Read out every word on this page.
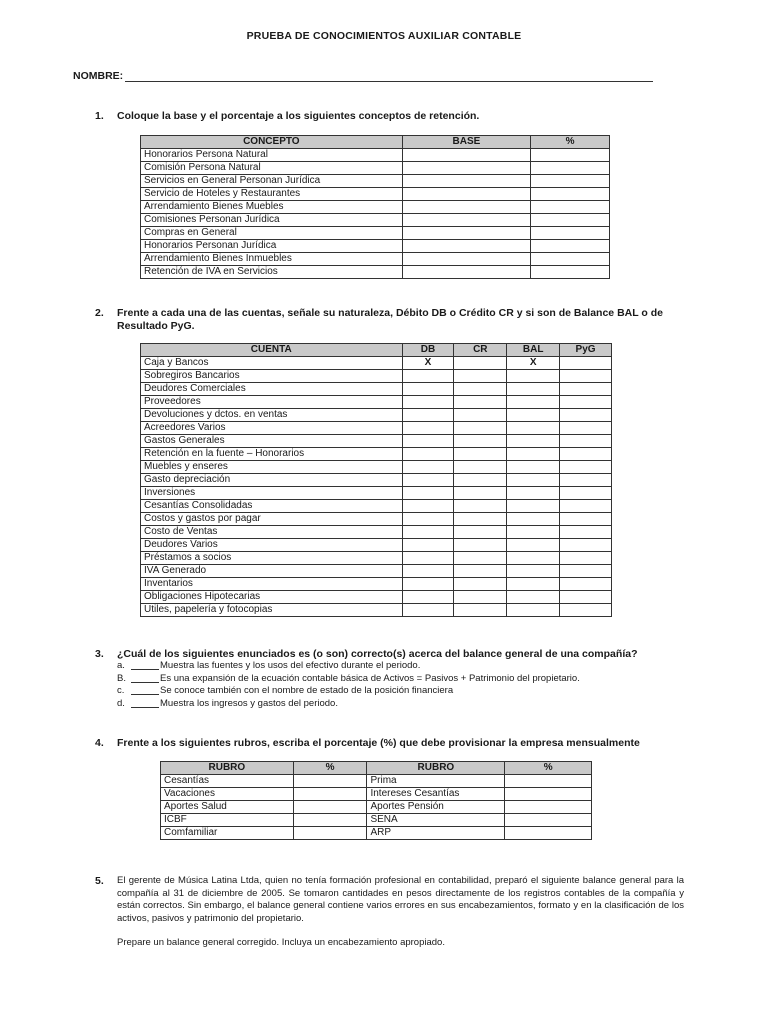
PRUEBA DE CONOCIMIENTOS AUXILIAR CONTABLE
NOMBRE:
1. Coloque la base y el porcentaje a los siguientes conceptos de retención.
CONCEPTO	BASE	%
Honorarios Persona Natural		
Comisión Persona Natural		
Servicios en General Personan Jurídica		
Servicio de Hoteles y Restaurantes		
Arrendamiento Bienes Muebles		
Comisiones Personan Jurídica		
Compras en General		
Honorarios Personan Jurídica		
Arrendamiento Bienes Inmuebles		
Retención de IVA en Servicios		
2. Frente a cada una de las cuentas, señale su naturaleza, Débito DB o Crédito CR y si son de Balance BAL o de
Resultado PyG.
CUENTA	DB	CR	BAL	PyG
Caja y Bancos	X		X	
Sobregiros Bancarios				
Deudores Comerciales				
Proveedores				
Devoluciones y dctos. en ventas				
Acreedores Varios				
Gastos Generales				
Retención en la fuente – Honorarios				
Muebles y enseres				
Gasto depreciación				
Inversiones				
Cesantías Consolidadas				
Costos y gastos por pagar				
Costo de Ventas				
Deudores Varios				
Préstamos a socios				
IVA Generado				
Inventarios				
Obligaciones Hipotecarias				
Utiles, papelería y fotocopias				
3. ¿Cuál de los siguientes enunciados es (o son) correcto(s) acerca del balance general de una compañía?
a.	Muestra las fuentes y los usos del efectivo durante el periodo.
B.	Es una expansión de la ecuación contable básica de Activos = Pasivos + Patrimonio del propietario.
c.	Se conoce también con el nombre de estado de la posición financiera
d.	Muestra los ingresos y gastos del periodo.
4. Frente a los siguientes rubros, escriba el porcentaje (%) que debe provisionar la empresa mensualmente
RUBRO	%	RUBRO	%
Cesantías		Prima	
Vacaciones		Intereses Cesantías	
Aportes Salud		Aportes Pensión	
ICBF		SENA	
Comfamiliar		ARP	
5. El gerente de Música Latina Ltda, quien no tenía formación profesional en contabilidad, preparó el siguiente balance general para la compañía al 31 de diciembre de 2005. Se tomaron cantidades en pesos directamente de los registros contables de la compañía y están correctos. Sin embargo, el balance general contiene varios errores en sus encabezamientos, formato y en la clasificación de los activos, pasivos y patrimonio del propietario.
Prepare un balance general corregido. Incluya un encabezamiento apropiado.
